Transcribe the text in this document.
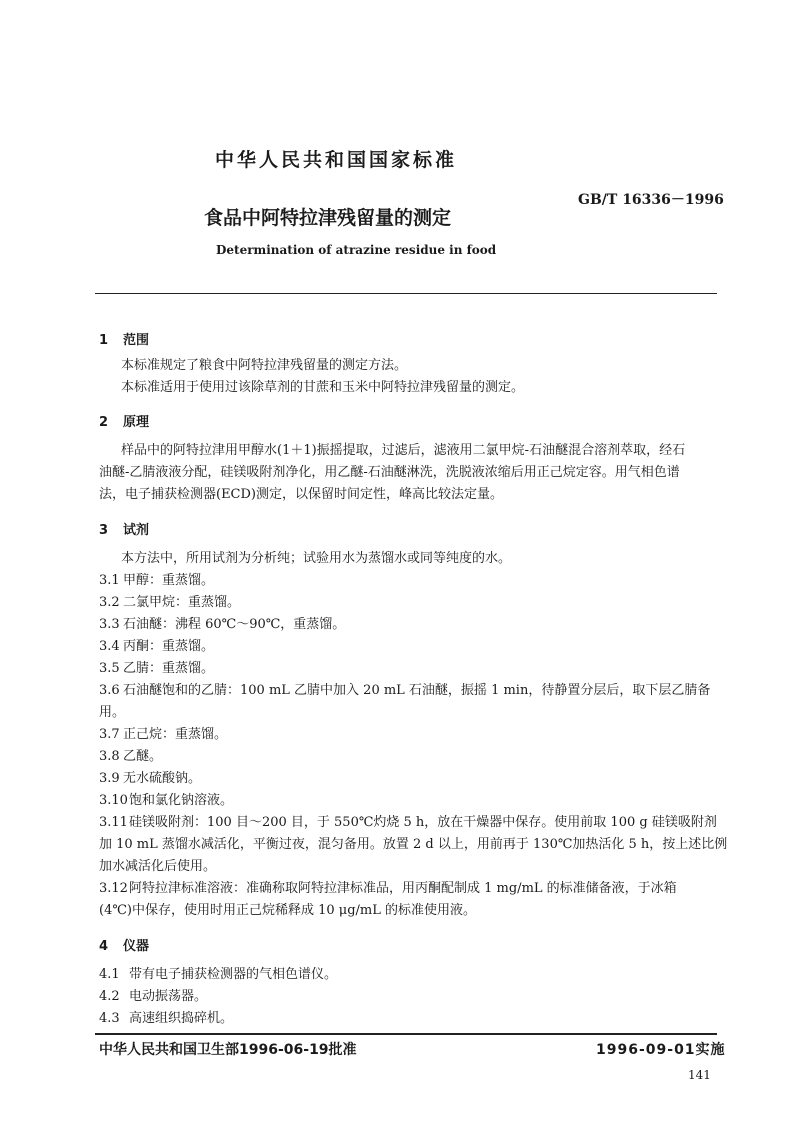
中华人民共和国国家标准
GB/T 16336－1996
食品中阿特拉津残留量的测定
Determination of atrazine residue in food
1 范围
本标准规定了粮食中阿特拉津残留量的测定方法。
本标准适用于使用过该除草剂的甘蔗和玉米中阿特拉津残留量的测定。
2 原理
样品中的阿特拉津用甲醇水(1＋1)振摇提取，过滤后，滤液用二氯甲烷-石油醚混合溶剂萃取，经石
油醚-乙腈液液分配，硅镁吸附剂净化，用乙醚-石油醚淋洗，洗脱液浓缩后用正己烷定容。用气相色谱
法，电子捕获检测器(ECD)测定，以保留时间定性，峰高比较法定量。
3 试剂
本方法中，所用试剂为分析纯；试验用水为蒸馏水或同等纯度的水。
3.1 甲醇：重蒸馏。
3.2 二氯甲烷：重蒸馏。
3.3 石油醚：沸程 60℃～90℃，重蒸馏。
3.4 丙酮：重蒸馏。
3.5 乙腈：重蒸馏。
3.6 石油醚饱和的乙腈：100 mL 乙腈中加入 20 mL 石油醚，振摇 1 min，待静置分层后，取下层乙腈备
用。
3.7 正己烷：重蒸馏。
3.8 乙醚。
3.9 无水硫酸钠。
3.10饱和氯化钠溶液。
3.11硅镁吸附剂：100 目～200 目，于 550℃灼烧 5 h，放在干燥器中保存。使用前取 100 g 硅镁吸附剂
加 10 mL 蒸馏水减活化，平衡过夜，混匀备用。放置 2 d 以上，用前再于 130℃加热活化 5 h，按上述比例
加水减活化后使用。
3.12阿特拉津标准溶液：准确称取阿特拉津标准品，用丙酮配制成 1 mg/mL 的标准储备液，于冰箱
(4℃)中保存，使用时用正己烷稀释成 10 μg/mL 的标准使用液。
4 仪器
4.1 带有电子捕获检测器的气相色谱仪。
4.2 电动振荡器。
4.3 高速组织捣碎机。
中华人民共和国卫生部1996-06-19批准	1996-09-01实施
141
